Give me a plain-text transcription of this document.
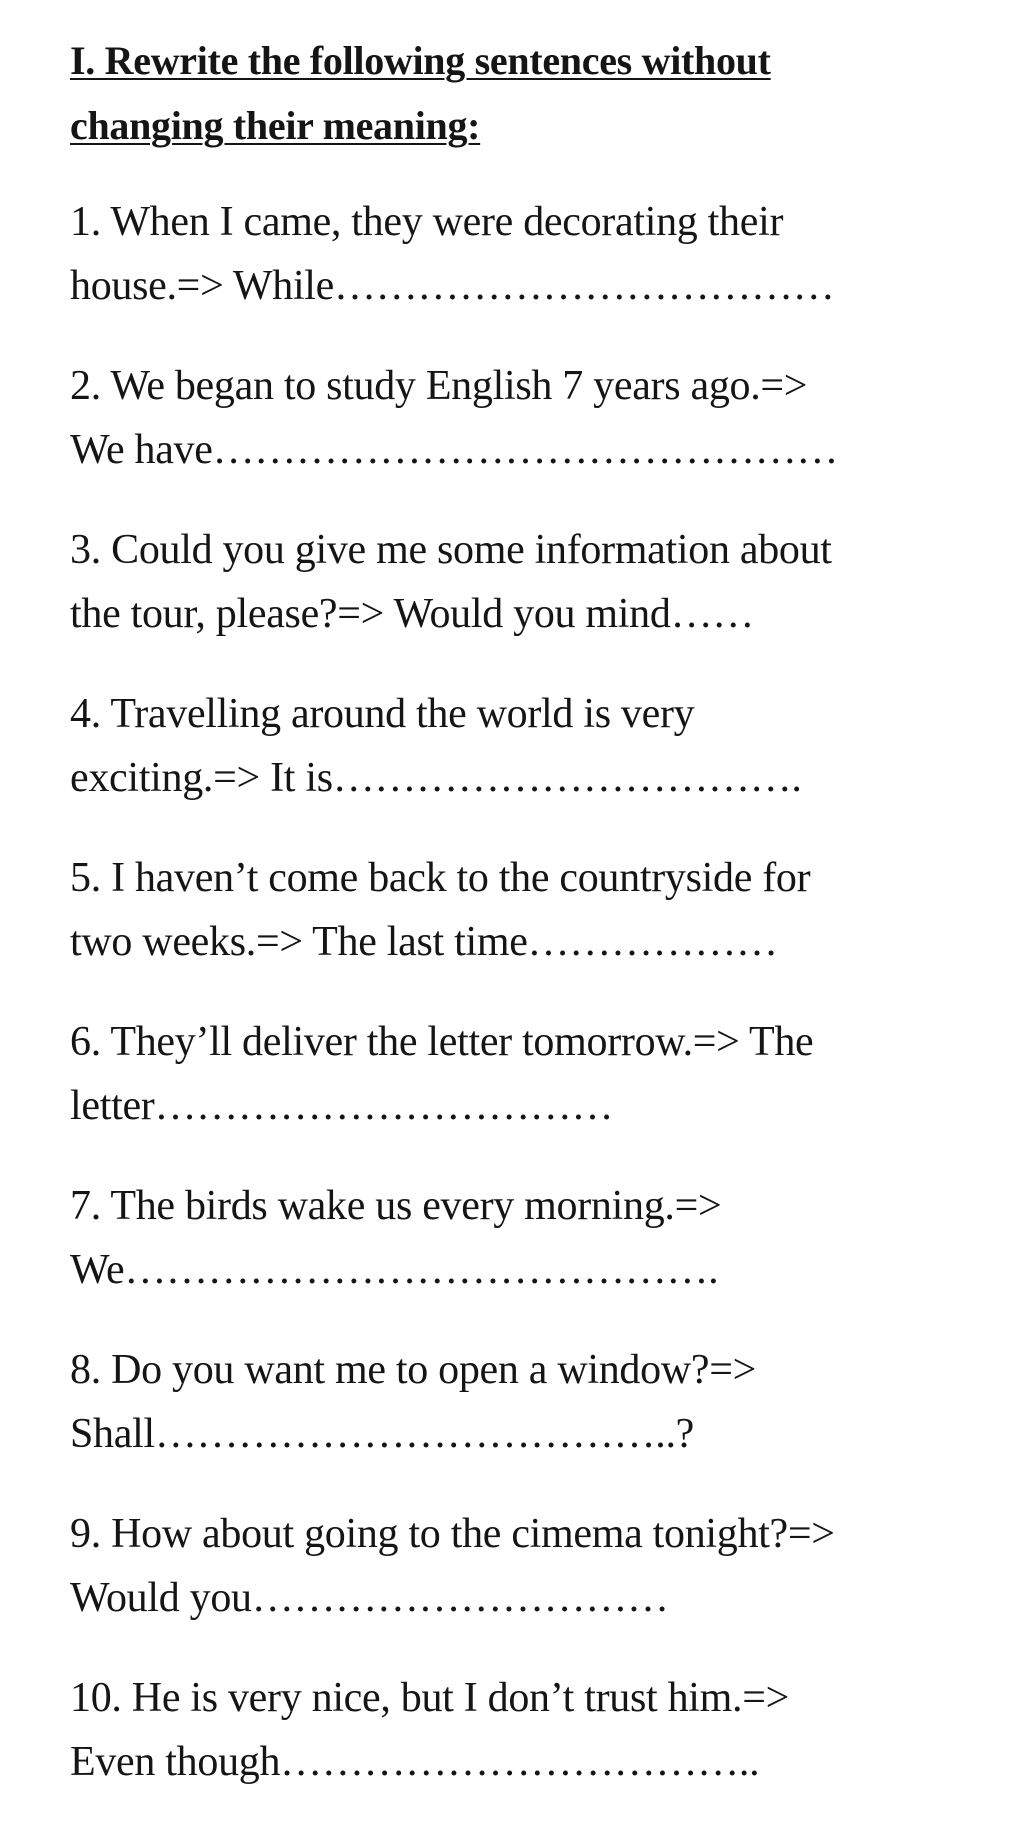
I. Rewrite the following sentences without
changing their meaning:
1. When I came, they were decorating their
house.=> While………………………………
2. We began to study English 7 years ago.=>
We have………………………………………
3. Could you give me some information about
the tour, please?=> Would you mind……
4. Travelling around the world is very
exciting.=> It is…………………………….
5. I haven’t come back to the countryside for
two weeks.=> The last time………………
6. They’ll deliver the letter tomorrow.=> The
letter……………………………
7. The birds wake us every morning.=>
We…………………………………….
8. Do you want me to open a window?=>
Shall………………………………..?
9. How about going to the cimema tonight?=>
Would you…………………………
10. He is very nice, but I don’t trust him.=>
Even though……………………………..
